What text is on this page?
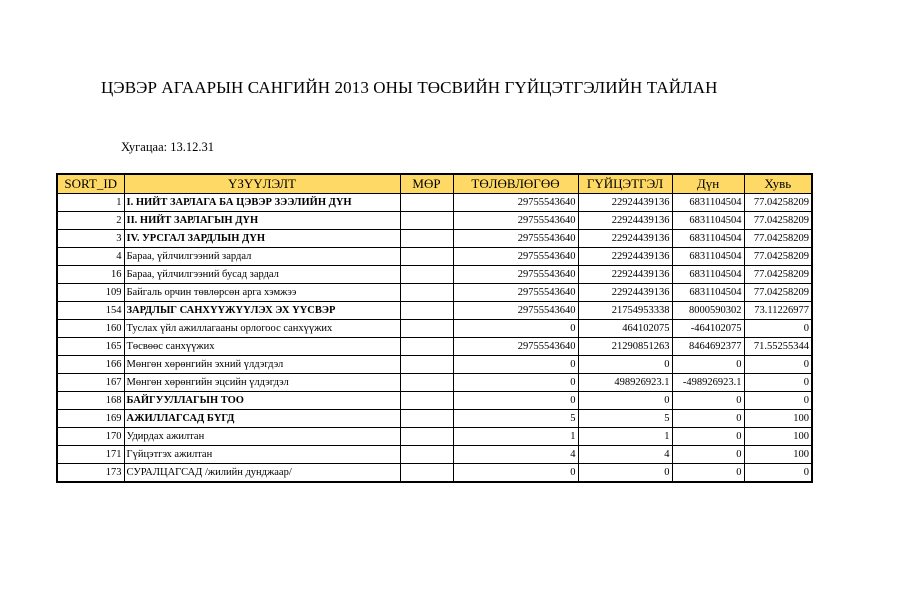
ЦЭВЭР АГААРЫН САНГИЙН 2013 ОНЫ ТӨСВИЙН ГҮЙЦЭТГЭЛИЙН ТАЙЛАН
Хугацаа: 13.12.31
SORT_ID	ҮЗҮҮЛЭЛТ	МӨР	ТӨЛӨВЛӨГӨӨ	ГҮЙЦЭТГЭЛ	Дүн	Хувь
1	I. НИЙТ ЗАРЛАГА БА ЦЭВЭР ЗЭЭЛИЙН ДҮН		29755543640	22924439136	6831104504	77.04258209
2	II. НИЙТ ЗАРЛАГЫН ДҮН		29755543640	22924439136	6831104504	77.04258209
3	IV. УРСГАЛ ЗАРДЛЫН ДҮН		29755543640	22924439136	6831104504	77.04258209
4	Бараа, үйлчилгээний зардал		29755543640	22924439136	6831104504	77.04258209
16	Бараа, үйлчилгээний бусад зардал		29755543640	22924439136	6831104504	77.04258209
109	Байгаль орчин төвлөрсөн арга хэмжээ		29755543640	22924439136	6831104504	77.04258209
154	ЗАРДЛЫГ САНХҮҮЖҮҮЛЭХ ЭХ ҮҮСВЭР		29755543640	21754953338	8000590302	73.11226977
160	Туслах үйл ажиллагааны орлогоос санхүүжих		0	464102075	-464102075	0
165	Төсвөөс санхүүжих		29755543640	21290851263	8464692377	71.55255344
166	Мөнгөн хөрөнгийн эхний үлдэгдэл		0	0	0	0
167	Мөнгөн хөрөнгийн эцсийн үлдэгдэл		0	498926923.1	-498926923.1	0
168	БАЙГУУЛЛАГЫН ТОО		0	0	0	0
169	АЖИЛЛАГСАД БҮГД		5	5	0	100
170	Удирдах ажилтан		1	1	0	100
171	Гүйцэтгэх ажилтан		4	4	0	100
173	СУРАЛЦАГСАД /жилийн дунджаар/		0	0	0	0
